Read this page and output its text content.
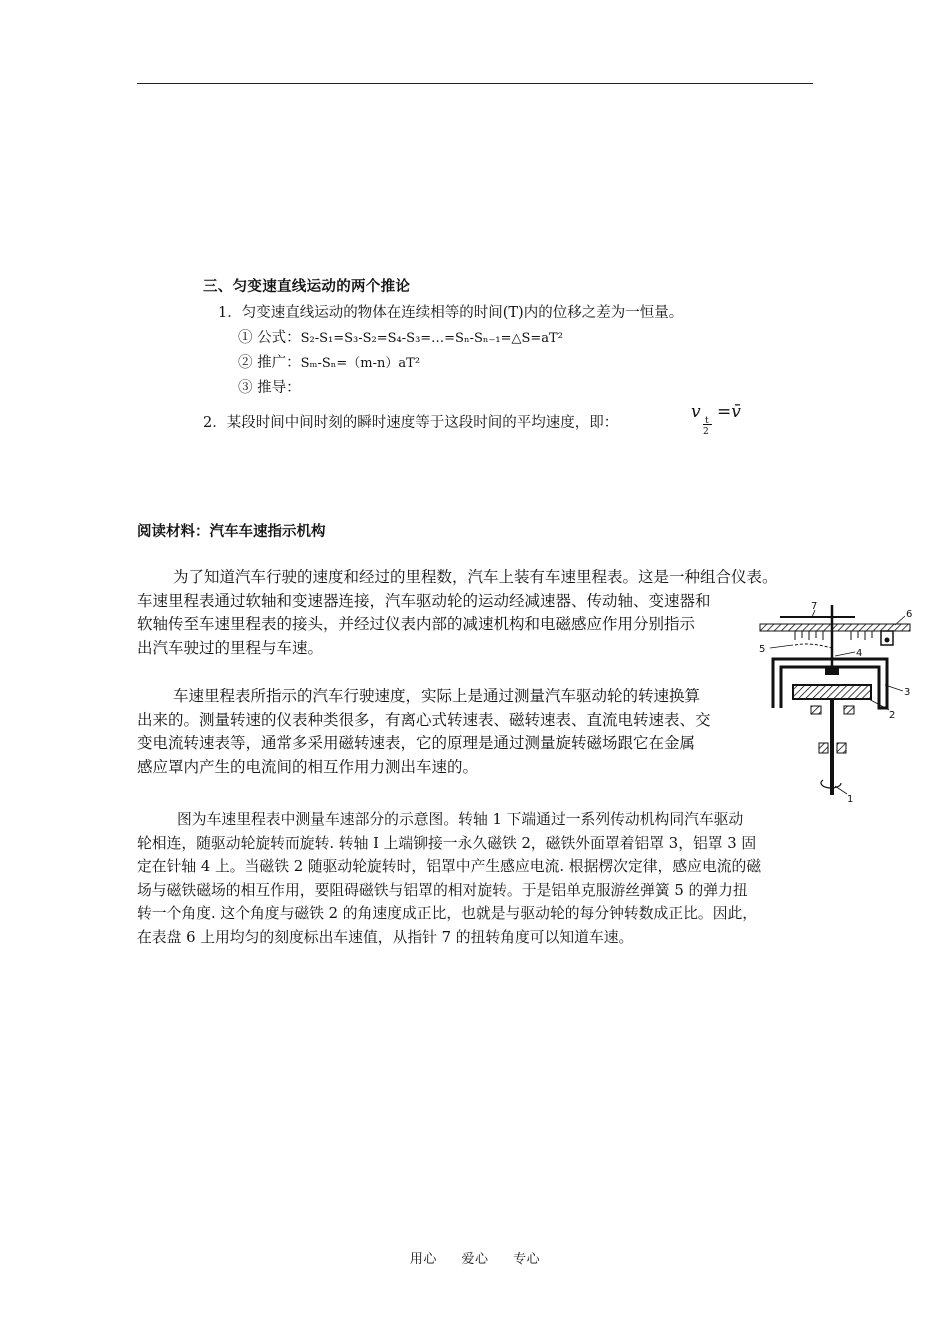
三、匀变速直线运动的两个推论
1．匀变速直线运动的物体在连续相等的时间(T)内的位移之差为一恒量。
① 公式：S₂-S₁=S₃-S₂=S₄-S₃=…=Sₙ-Sₙ₋₁=△S=aT²
② 推广：Sₘ-Sₙ=（m-n）aT²
③ 推导：
2．某段时间中间时刻的瞬时速度等于这段时间的平均速度，即：
v t
2
=v̄
阅读材料：汽车车速指示机构
为了知道汽车行驶的速度和经过的里程数，汽车上装有车速里程表。这是一种组合仪表。
车速里程表通过软轴和变速器连接，汽车驱动轮的运动经减速器、传动轴、变速器和
软轴传至车速里程表的接头，并经过仪表内部的减速机构和电磁感应作用分别指示
出汽车驶过的里程与车速。
车速里程表所指示的汽车行驶速度，实际上是通过测量汽车驱动轮的转速换算
出来的。测量转速的仪表种类很多，有离心式转速表、磁转速表、直流电转速表、交
变电流转速表等，通常多采用磁转速表，它的原理是通过测量旋转磁场跟它在金属
感应罩内产生的电流间的相互作用力测出车速的。
图为车速里程表中测量车速部分的示意图。转轴 1 下端通过一系列传动机构同汽车驱动
轮相连，随驱动轮旋转而旋转. 转轴 I 上端铆接一永久磁铁 2，磁铁外面罩着铝罩 3，铝罩 3 固
定在针轴 4 上。当磁铁 2 随驱动轮旋转时，铝罩中产生感应电流. 根据楞次定律，感应电流的磁
场与磁铁磁场的相互作用，要阻碍磁铁与铝罩的相对旋转。于是铝单克服游丝弹簧 5 的弹力扭
转一个角度. 这个角度与磁铁 2 的角速度成正比，也就是与驱动轮的每分钟转数成正比。因此，
在表盘 6 上用均匀的刻度标出车速值，从指针 7 的扭转角度可以知道车速。
7
6
5	4
3
2
1
用心 爱心 专心
